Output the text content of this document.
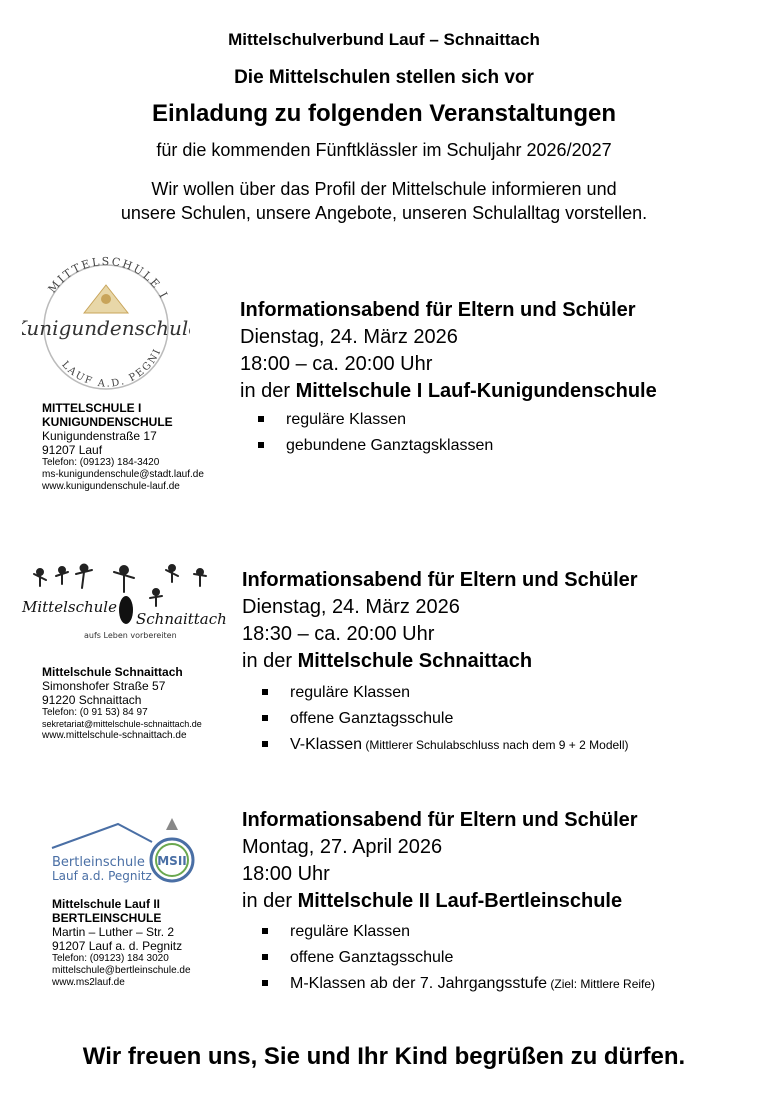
Mittelschulverbund Lauf – Schnaittach
Die Mittelschulen stellen sich vor
Einladung zu folgenden Veranstaltungen
für die kommenden Fünftklässler im Schuljahr 2026/2027
Wir wollen über das Profil der Mittelschule informieren und
unsere Schulen, unsere Angebote, unseren Schulalltag vorstellen.
MITTELSCHULE I
unigundenschul
LAUF A.D. PEGNI
MITTELSCHULE I
KUNIGUNDENSCHULE
Kunigundenstraße 17
91207 Lauf
Telefon: (09123) 184-3420
ms-kunigundenschule@stadt.lauf.de
www.kunigundenschule-lauf.de
Informationsabend für Eltern und Schüler
Dienstag, 24. März 2026
18:00 – ca. 20:00 Uhr
in der Mittelschule I Lauf-Kunigundenschule
reguläre Klassen
gebundene Ganztagsklassen
Mittelschule
Schnaittach
aufs Leben vorbereiten
Mittelschule Schnaittach
Simonshofer Straße 57
91220 Schnaittach
Telefon: (0 91 53) 84 97
sekretariat@mittelschule-schnaittach.de
www.mittelschule-schnaittach.de
Informationsabend für Eltern und Schüler
Dienstag, 24. März 2026
18:30 – ca. 20:00 Uhr
in der Mittelschule Schnaittach
reguläre Klassen
offene Ganztagsschule
V-Klassen (Mittlerer Schulabschluss nach dem 9 + 2 Modell)
Bertleinschule
Lauf a.d. Pegnitz
MSII
Mittelschule Lauf II
BERTLEINSCHULE
Martin – Luther – Str. 2
91207 Lauf a. d. Pegnitz
Telefon: (09123) 184 3020
mittelschule@bertleinschule.de
www.ms2lauf.de
Informationsabend für Eltern und Schüler
Montag, 27. April 2026
18:00 Uhr
in der Mittelschule II Lauf-Bertleinschule
reguläre Klassen
offene Ganztagsschule
M-Klassen ab der 7. Jahrgangsstufe (Ziel: Mittlere Reife)
Wir freuen uns, Sie und Ihr Kind begrüßen zu dürfen.
